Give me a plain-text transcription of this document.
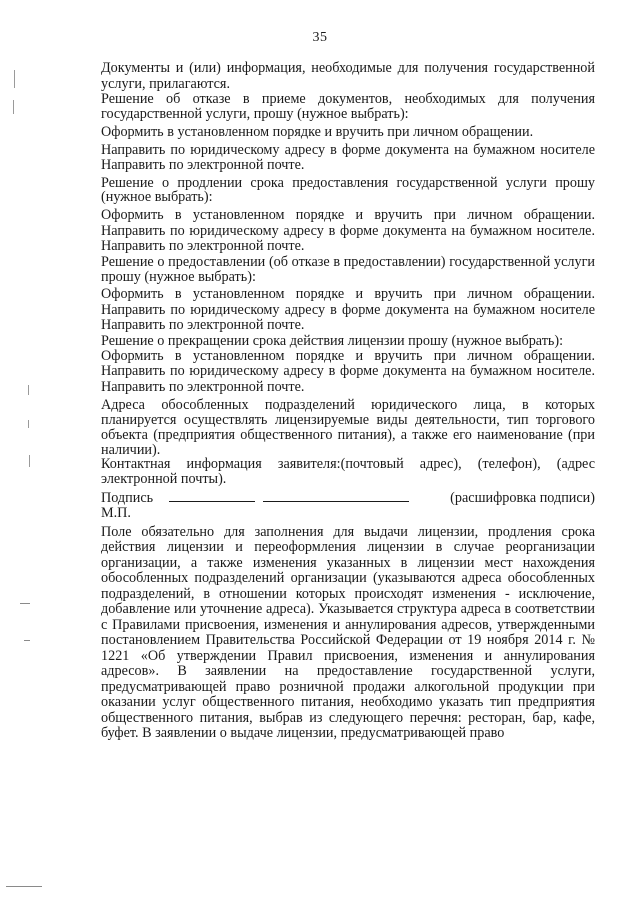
35

Документы и (или) информация, необходимые для получения государственной услуги, прилагаются.

Решение об отказе в приеме документов, необходимых для получения государственной услуги, прошу (нужное выбрать):

Оформить в установленном порядке и вручить при личном обращении.

Направить по юридическому адресу в форме документа на бумажном носителе Направить по электронной почте.

Решение о продлении срока предоставления государственной услуги прошу (нужное выбрать):

Оформить в установленном порядке и вручить при личном обращении. Направить по юридическому адресу в форме документа на бумажном носителе. Направить по электронной почте.

Решение о предоставлении (об отказе в предоставлении) государственной услуги прошу (нужное выбрать):

Оформить в установленном порядке и вручить при личном обращении. Направить по юридическому адресу в форме документа на бумажном носителе Направить по электронной почте.

Решение о прекращении срока действия лицензии прошу (нужное выбрать):

Оформить в установленном порядке и вручить при личном обращении. Направить по юридическому адресу в форме документа на бумажном носителе. Направить по электронной почте.

Адреса обособленных подразделений юридического лица, в которых планируется осуществлять лицензируемые виды деятельности, тип торгового объекта (предприятия общественного питания), а также его наименование (при наличии).

Контактная информация заявителя:(почтовый адрес), (телефон), (адрес электронной почты).

Подпись	(расшифровка подписи)

М.П.

Поле обязательно для заполнения для выдачи лицензии, продления срока действия лицензии и переоформления лицензии в случае реорганизации организации, а также изменения указанных в лицензии мест нахождения обособленных подразделений организации (указываются адреса обособленных подразделений, в отношении которых происходят изменения - исключение, добавление или уточнение адреса). Указывается структура адреса в соответствии с Правилами присвоения, изменения и аннулирования адресов, утвержденными постановлением Правительства Российской Федерации от 19 ноября 2014 г. № 1221 «Об утверждении Правил присвоения, изменения и аннулирования адресов». В заявлении на предоставление государственной услуги, предусматривающей право розничной продажи алкогольной продукции при оказании услуг общественного питания, необходимо указать тип предприятия общественного питания, выбрав из следующего перечня: ресторан, бар, кафе, буфет. В заявлении о выдаче лицензии, предусматривающей право
